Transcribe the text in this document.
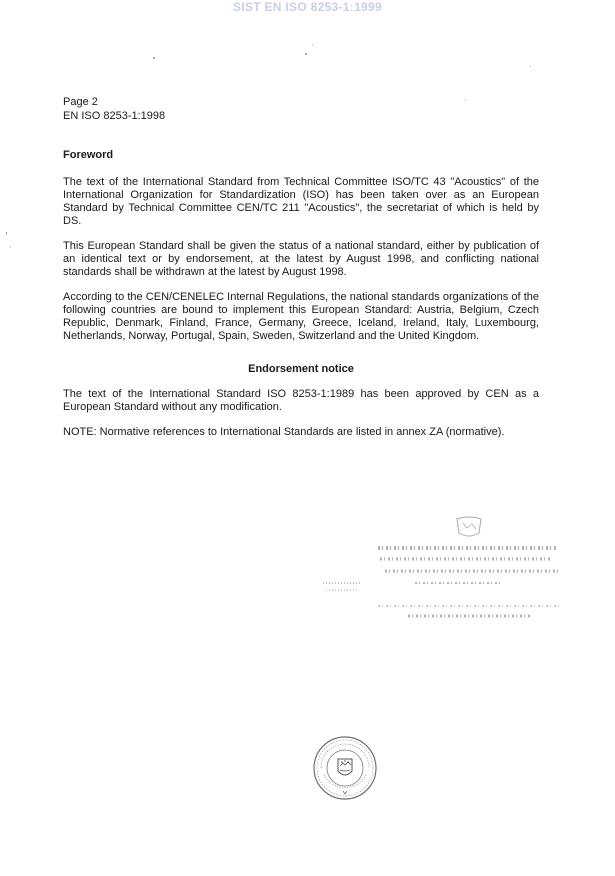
SIST EN ISO 8253-1:1999
Page 2
EN ISO 8253-1:1998
Foreword

The text of the International Standard from Technical Committee ISO/TC 43 "Acoustics" of the International Organization for Standardization (ISO) has been taken over as an European Standard by Technical Committee CEN/TC 211 "Acoustics", the secretariat of which is held by DS.

This European Standard shall be given the status of a national standard, either by publication of an identical text or by endorsement, at the latest by August 1998, and conflicting national standards shall be withdrawn at the latest by August 1998.

According to the CEN/CENELEC Internal Regulations, the national standards organizations of the following countries are bound to implement this European Standard: Austria, Belgium, Czech Republic, Denmark, Finland, France, Germany, Greece, Iceland, Ireland, Italy, Luxembourg, Netherlands, Norway, Portugal, Spain, Sweden, Switzerland and the United Kingdom.

Endorsement notice

The text of the International Standard ISO 8253-1:1989 has been approved by CEN as a European Standard without any modification.

NOTE: Normative references to International Standards are listed in annex ZA (normative).
